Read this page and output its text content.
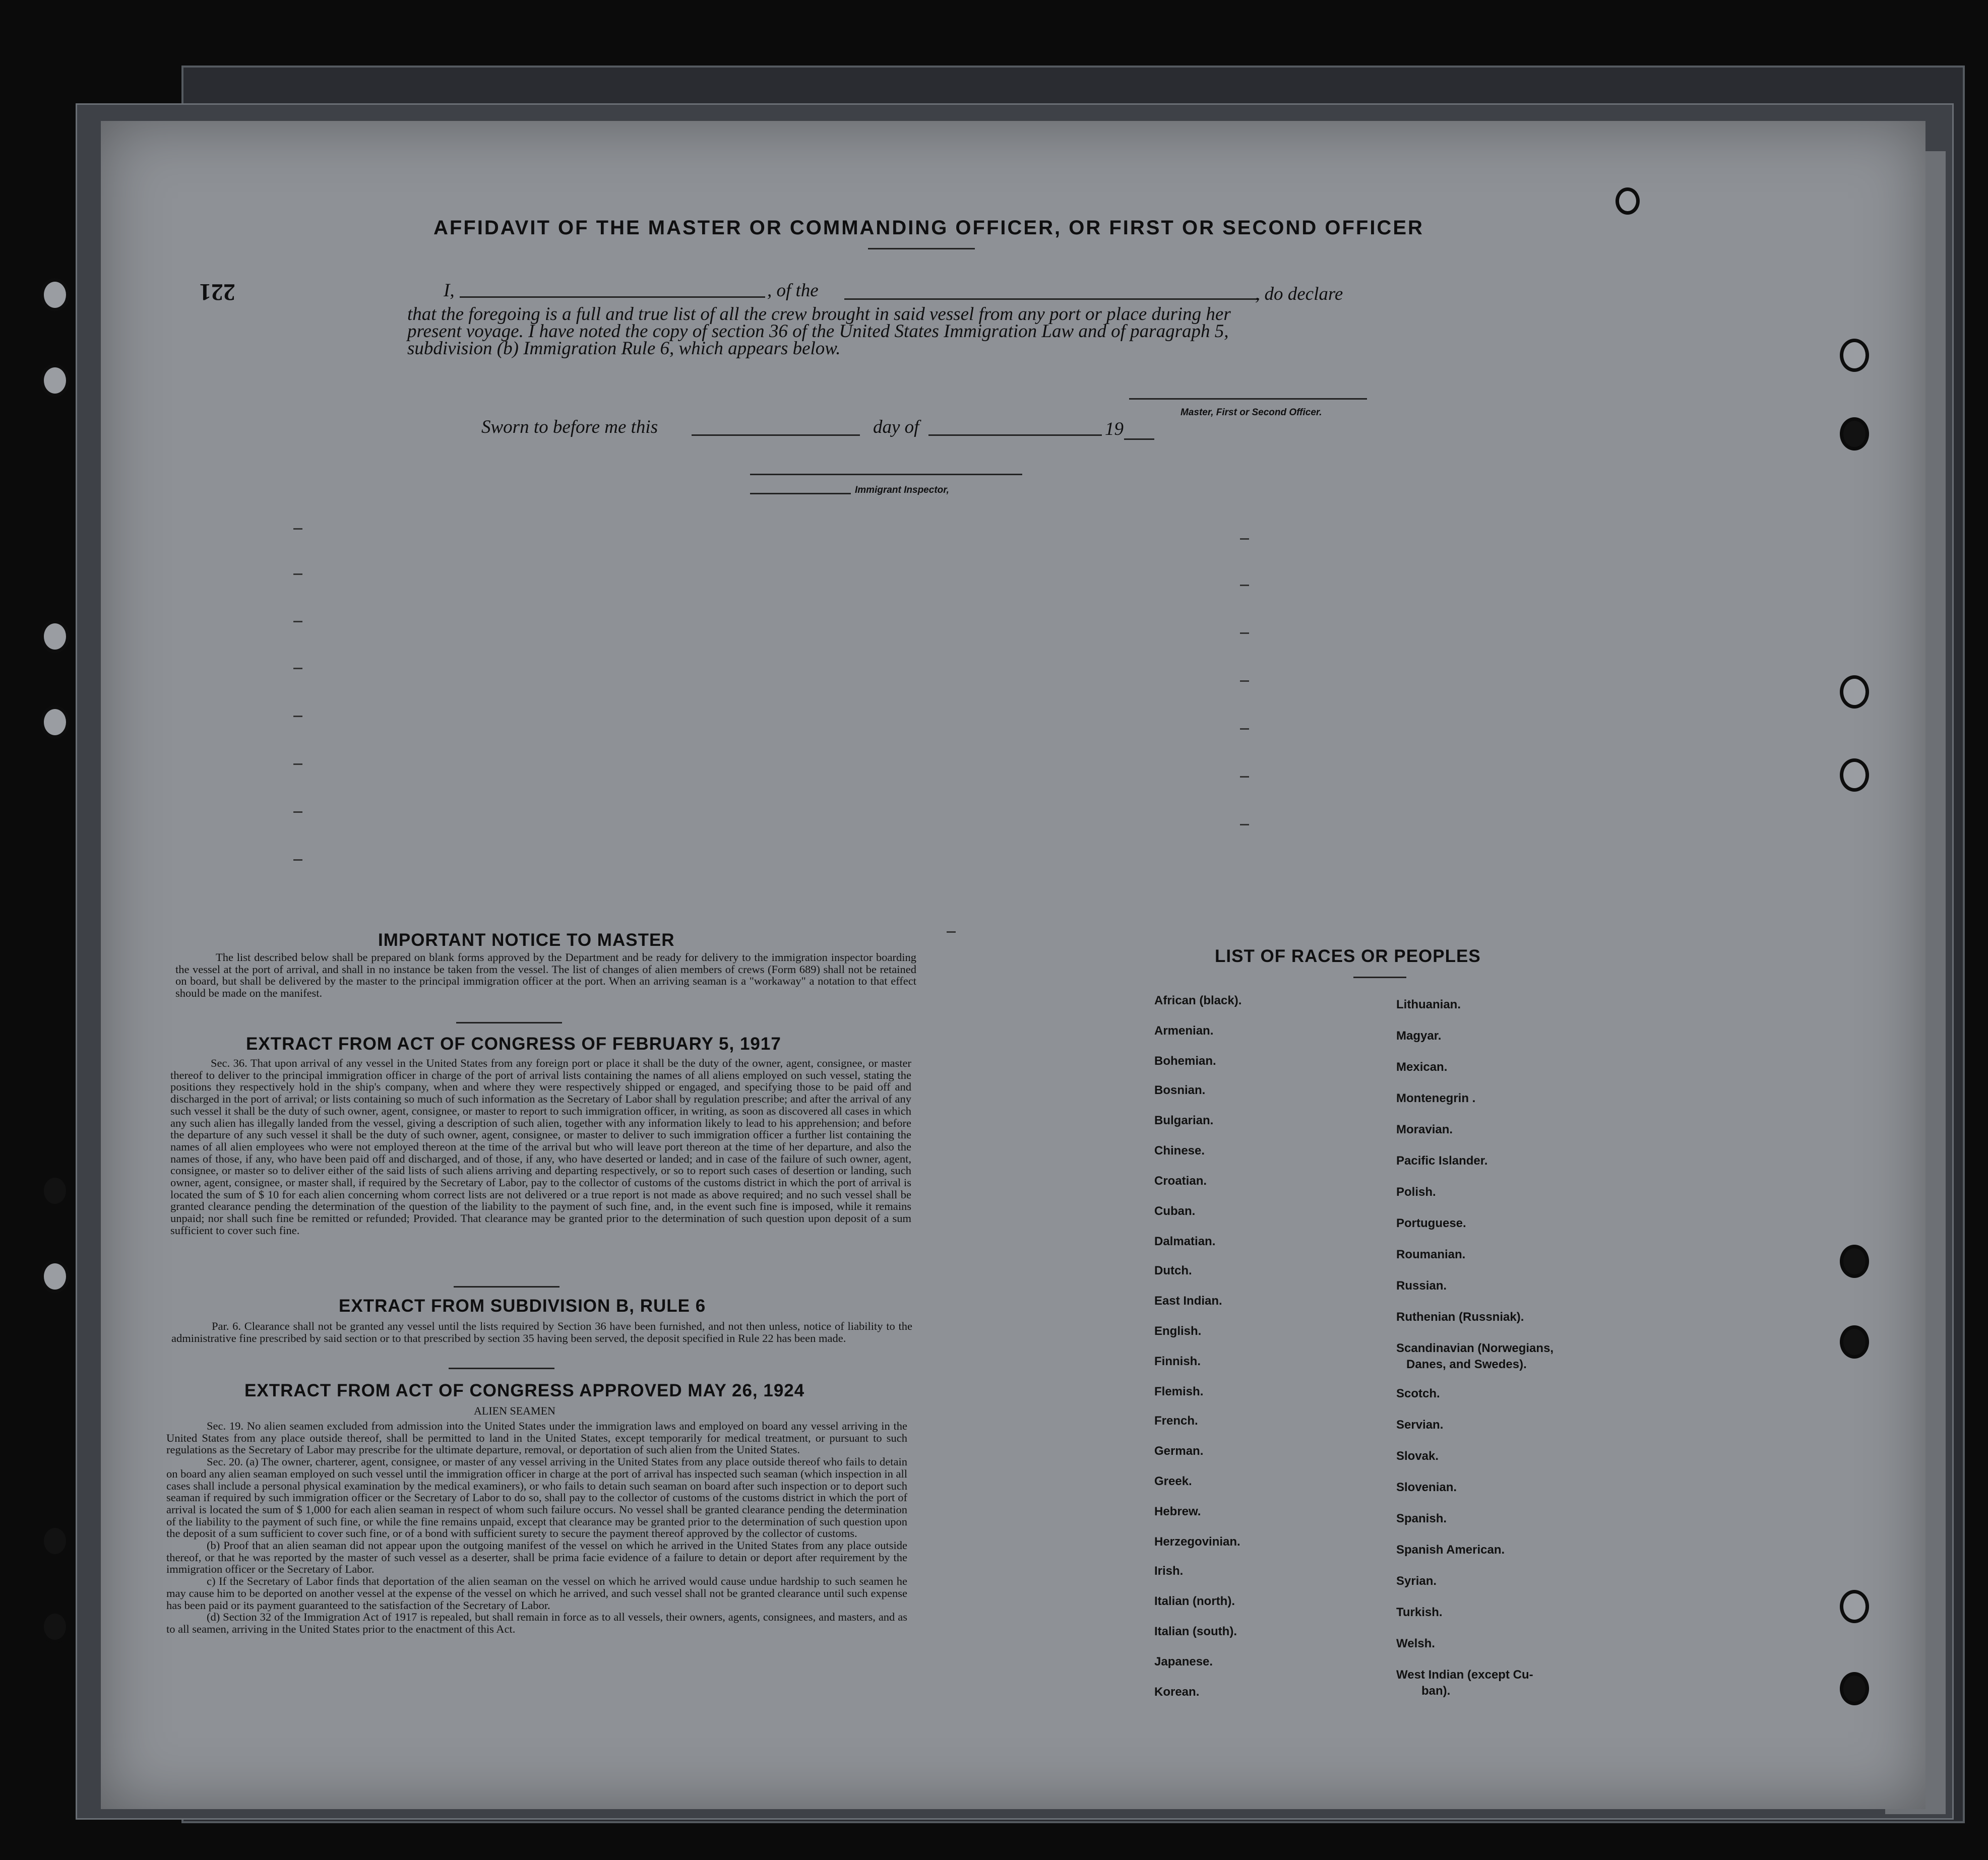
AFFIDAVIT OF THE MASTER OR COMMANDING OFFICER, OR FIRST OR SECOND OFFICER
221	I,	, of the	, do declare
that the foregoing is a full and true list of all the crew brought in said vessel from any port or place during her
present voyage. I have noted the copy of section 36 of the United States Immigration Law and of paragraph 5,
subdivision (b) Immigration Rule 6, which appears below.
Master, First or Second Officer.
Sworn to before me this	day of	19
Immigrant Inspector,
IMPORTANT NOTICE TO MASTER

The list described below shall be prepared on blank forms approved by the Department and be ready for delivery to the immigration inspector boarding the vessel at the port of arrival, and shall in no instance be taken from the vessel. The list of changes of alien members of crews (Form 689) shall not be retained on board, but shall be delivered by the master to the principal immigration officer at the port. When an arriving seaman is a "workaway" a notation to that effect should be made on the manifest.

EXTRACT FROM ACT OF CONGRESS OF FEBRUARY 5, 1917

Sec. 36. That upon arrival of any vessel in the United States from any foreign port or place it shall be the duty of the owner, agent, consignee, or master thereof to deliver to the principal immigration officer in charge of the port of arrival lists containing the names of all aliens employed on such vessel, stating the positions they respectively hold in the ship's company, when and where they were respectively shipped or engaged, and specifying those to be paid off and discharged in the port of arrival; or lists containing so much of such information as the Secretary of Labor shall by regulation prescribe; and after the arrival of any such vessel it shall be the duty of such owner, agent, consignee, or master to report to such immigration officer, in writing, as soon as discovered all cases in which any such alien has illegally landed from the vessel, giving a description of such alien, together with any information likely to lead to his apprehension; and before the departure of any such vessel it shall be the duty of such owner, agent, consignee, or master to deliver to such immigration officer a further list containing the names of all alien employees who were not employed thereon at the time of the arrival but who will leave port thereon at the time of her departure, and also the names of those, if any, who have been paid off and discharged, and of those, if any, who have deserted or landed; and in case of the failure of such owner, agent, consignee, or master so to deliver either of the said lists of such aliens arriving and departing respectively, or so to report such cases of desertion or landing, such owner, agent, consignee, or master shall, if required by the Secretary of Labor, pay to the collector of customs of the customs district in which the port of arrival is located the sum of $ 10 for each alien concerning whom correct lists are not delivered or a true report is not made as above required; and no such vessel shall be granted clearance pending the determination of the question of the liability to the payment of such fine, and, in the event such fine is imposed, while it remains unpaid; nor shall such fine be remitted or refunded; Provided. That clearance may be granted prior to the determination of such question upon deposit of a sum sufficient to cover such fine.

EXTRACT FROM SUBDIVISION B, RULE 6

Par. 6. Clearance shall not be granted any vessel until the lists required by Section 36 have been furnished, and not then unless, notice of liability to the administrative fine prescribed by said section or to that prescribed by section 35 having been served, the deposit specified in Rule 22 has been made.

EXTRACT FROM ACT OF CONGRESS APPROVED MAY 26, 1924
ALIEN SEAMEN

Sec. 19. No alien seamen excluded from admission into the United States under the immigration laws and employed on board any vessel arriving in the United States from any place outside thereof, shall be permitted to land in the United States, except temporarily for medical treatment, or pursuant to such regulations as the Secretary of Labor may prescribe for the ultimate departure, removal, or deportation of such alien from the United States.

Sec. 20. (a) The owner, charterer, agent, consignee, or master of any vessel arriving in the United States from any place outside thereof who fails to detain on board any alien seaman employed on such vessel until the immigration officer in charge at the port of arrival has inspected such seaman (which inspection in all cases shall include a personal physical examination by the medical examiners), or who fails to detain such seaman on board after such inspection or to deport such seaman if required by such immigration officer or the Secretary of Labor to do so, shall pay to the collector of customs of the customs district in which the port of arrival is located the sum of $ 1,000 for each alien seaman in respect of whom such failure occurs. No vessel shall be granted clearance pending the determination of the liability to the payment of such fine, or while the fine remains unpaid, except that clearance may be granted prior to the determination of such question upon the deposit of a sum sufficient to cover such fine, or of a bond with sufficient surety to secure the payment thereof approved by the collector of customs.

(b) Proof that an alien seaman did not appear upon the outgoing manifest of the vessel on which he arrived in the United States from any place outside thereof, or that he was reported by the master of such vessel as a deserter, shall be prima facie evidence of a failure to detain or deport after requirement by the immigration officer or the Secretary of Labor.

c) If the Secretary of Labor finds that deportation of the alien seaman on the vessel on which he arrived would cause undue hardship to such seamen he may cause him to be deported on another vessel at the expense of the vessel on which he arrived, and such vessel shall not be granted clearance until such expense has been paid or its payment guaranteed to the satisfaction of the Secretary of Labor.

(d) Section 32 of the Immigration Act of 1917 is repealed, but shall remain in force as to all vessels, their owners, agents, consignees, and masters, and as to all seamen, arriving in the United States prior to the enactment of this Act.

LIST OF RACES OR PEOPLES
African (black).
Armenian.
Bohemian.
Bosnian.
Bulgarian.
Chinese.
Croatian.
Cuban.
Dalmatian.
Dutch.
East Indian.
English.
Finnish.
Flemish.
French.
German.
Greek.
Hebrew.
Herzegovinian.
Irish.
Italian (north).
Italian (south).
Japanese.
Korean.
Lithuanian.
Magyar.
Mexican.
Montenegrin .
Moravian.
Pacific Islander.
Polish.
Portuguese.
Roumanian.
Russian.
Ruthenian (Russniak).
Scandinavian (Norwegians,
Danes, and Swedes).
Scotch.
Servian.
Slovak.
Slovenian.
Spanish.
Spanish American.
Syrian.
Turkish.
Welsh.
West Indian (except Cu-
ban).
